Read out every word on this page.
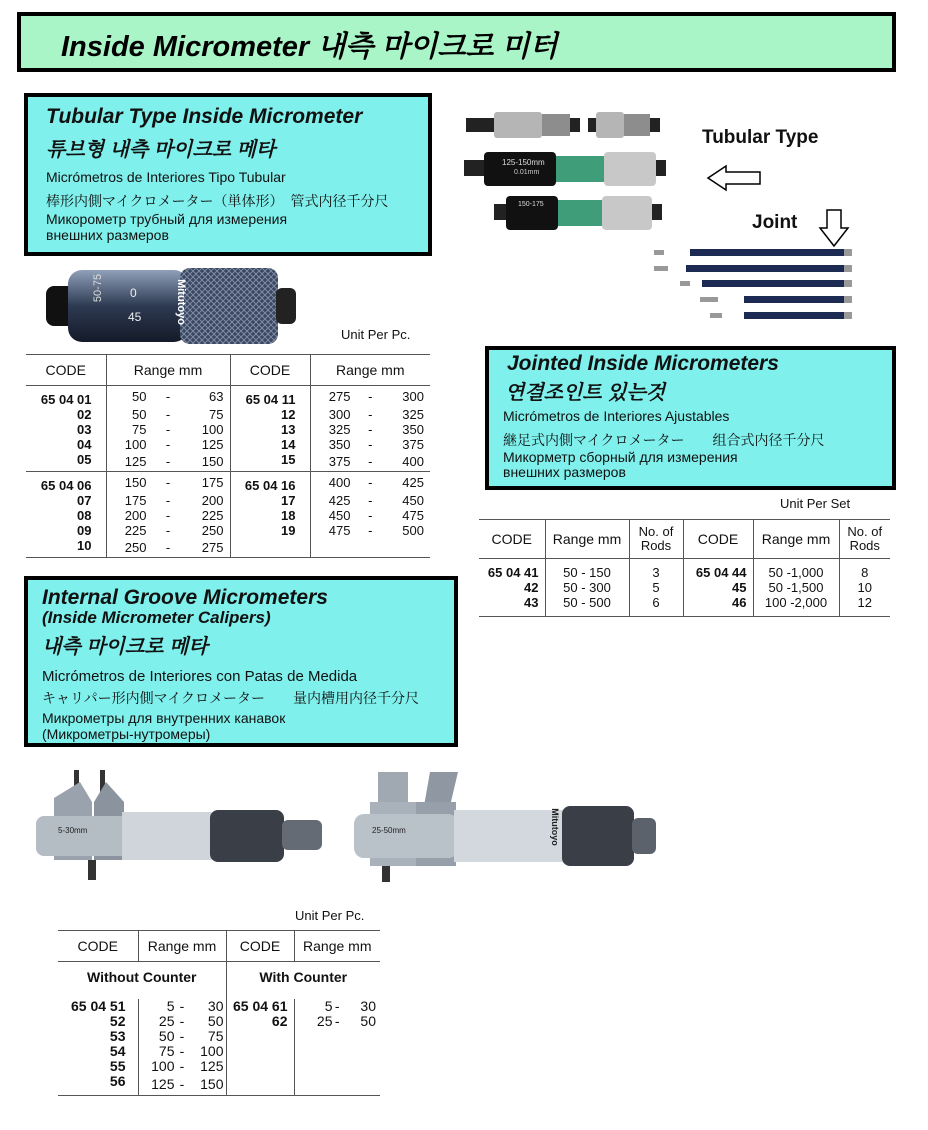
Inside Micrometer 내측 마이크로 미터
Tubular Type Inside Micrometer
튜브형 내측 마이크로 메타
Micrómetros de Interiores Tipo Tubular
棒形内側マイクロメーター（単体形）　管式内径千分尺
Микорометр трубный для измерения
внешних размеров
50-75 0
45	Mitutoyo
Unit Per Pc.
CODE	Range mm	CODE	Range mm
65 04 01	50 - 63	65 04 11	275 - 300

02	50 - 75	12	300 - 325

03	75 - 100	13	325 - 350

04	100 - 125	14	350 - 375

05	125 - 150	15	375 - 400

65 04 06	150 - 175	65 04 16	400 - 425

07	175 - 200	17	425 - 450

08	200 - 225	18	450 - 475

09	225 - 250	19	475 - 500

10	250 - 275		

125-150mm
0.01mm
150-175
Tubular Type
Joint
Jointed Inside Micrometers
연결조인트 있는것
Micrómetros de Interiores Ajustables
継足式内側マイクロメーター　　组合式内径千分尺
Микорметр сборный для измерения
внешних размеров
Unit Per Set
CODE	Range mm	No. of Rods	CODE	Range mm	No. of Rods
65 04 41	50 - 150	3	65 04 44	50 -1,000	8
42	50 - 300	5	45	50 -1,500	10
43	50 - 500	6	46	100 -2,000	12
Internal Groove Micrometers
(Inside Micrometer Calipers)
내측 마이크로 메타
Micrómetros de Interiores con Patas de Medida
キャリパー形内側マイクロメーター　　量内槽用内径千分尺
Микрометры для внутренних канавок
(Микрометры-нутромеры)
5-30mm	25-50mm	Mitutoyo
Unit Per Pc.
CODE	Range mm	CODE	Range mm
Without Counter		With Counter	
65 04 51	5 - 30	65 04 61	5 - 30

52	25 - 50	62	25 - 50

53	50 - 75		

54	75 - 100		

55	100 - 125		

56	125 - 150		
